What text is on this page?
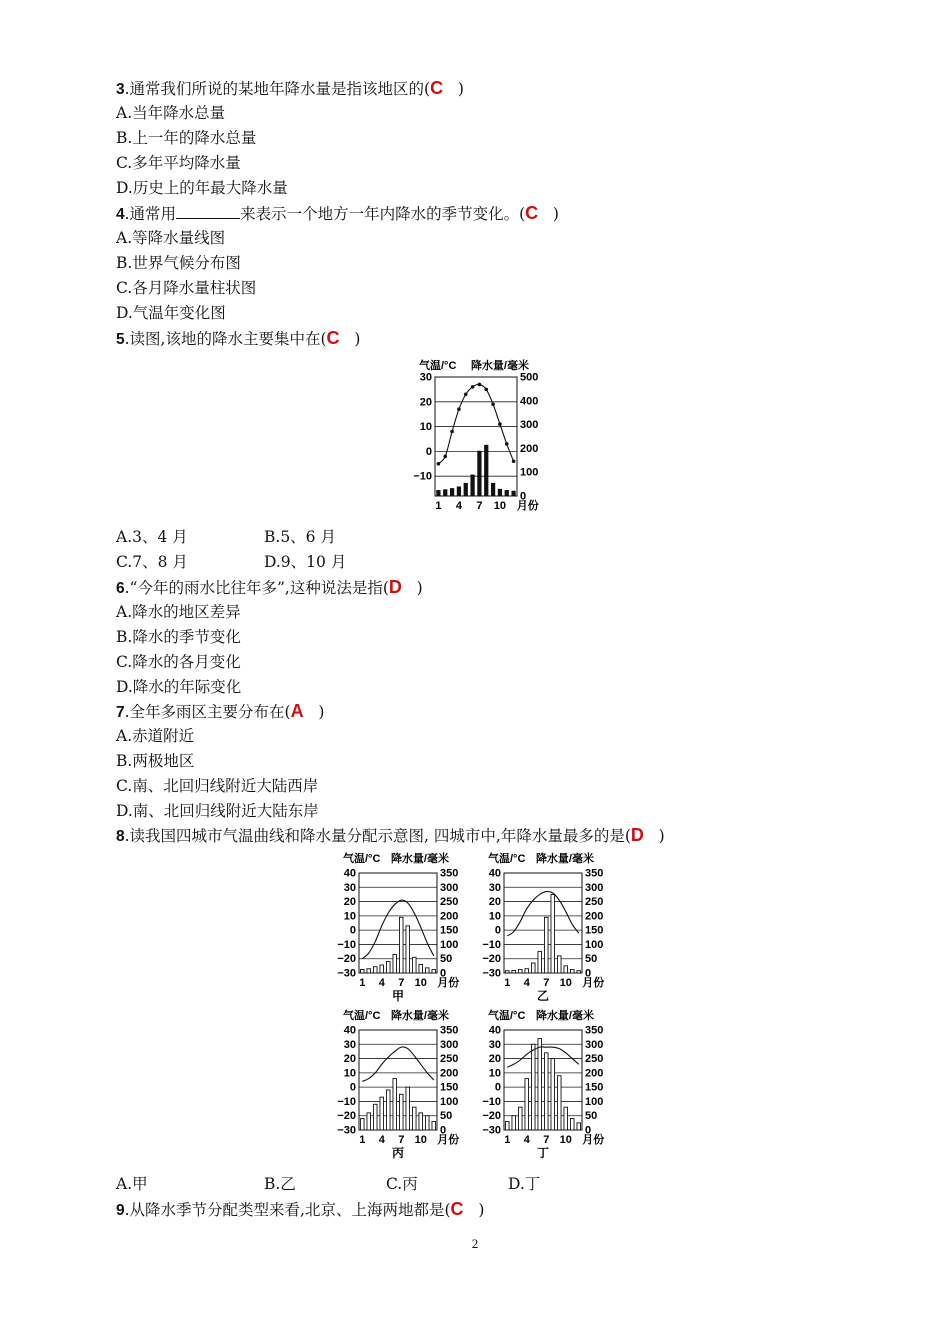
3.通常我们所说的某地年降水量是指该地区的(C )
A.当年降水总量
B.上一年的降水总量
C.多年平均降水量
D.历史上的年最大降水量
4.通常用	来表示一个地方一年内降水的季节变化。(C )
A.等降水量线图
B.世界气候分布图
C.各月降水量柱状图
D.气温年变化图
5.读图,该地的降水主要集中在(C )
气温/°C 降水量/毫米
30
20
10
0
−10
500
400
300
200
100
0
1 4 7 10 月份
A.3、4 月	B.5、6 月
C.7、8 月	D.9、10 月
6.“今年的雨水比往年多”,这种说法是指(D )
A.降水的地区差异
B.降水的季节变化
C.降水的各月变化
D.降水的年际变化
7.全年多雨区主要分布在(A )
A.赤道附近
B.两极地区
C.南、北回归线附近大陆西岸
D.南、北回归线附近大陆东岸
8.读我国四城市气温曲线和降水量分配示意图, 四城市中,年降水量最多的是(D )
气温/°C 降水量/毫米
40
30
20
10
0
−10
−20
−30
350
300
250
200
150
100
50
0
1 4 7 10 月份
甲
气温/°C 降水量/毫米
40
30
20
10
0
−10
−20
−30
350
300
250
200
150
100
50
0
1 4 7 10 月份
乙
气温/°C 降水量/毫米
40
30
20
10
0
−10
−20
−30
350
300
250
200
150
100
50
0
1 4 7 10 月份
丙
气温/°C 降水量/毫米
40
30
20
10
0
−10
−20
−30
350
300
250
200
150
100
50
0
1 4 7 10 月份
丁
A.甲	B.乙	C.丙	D.丁
9.从降水季节分配类型来看,北京、上海两地都是(C )
2
